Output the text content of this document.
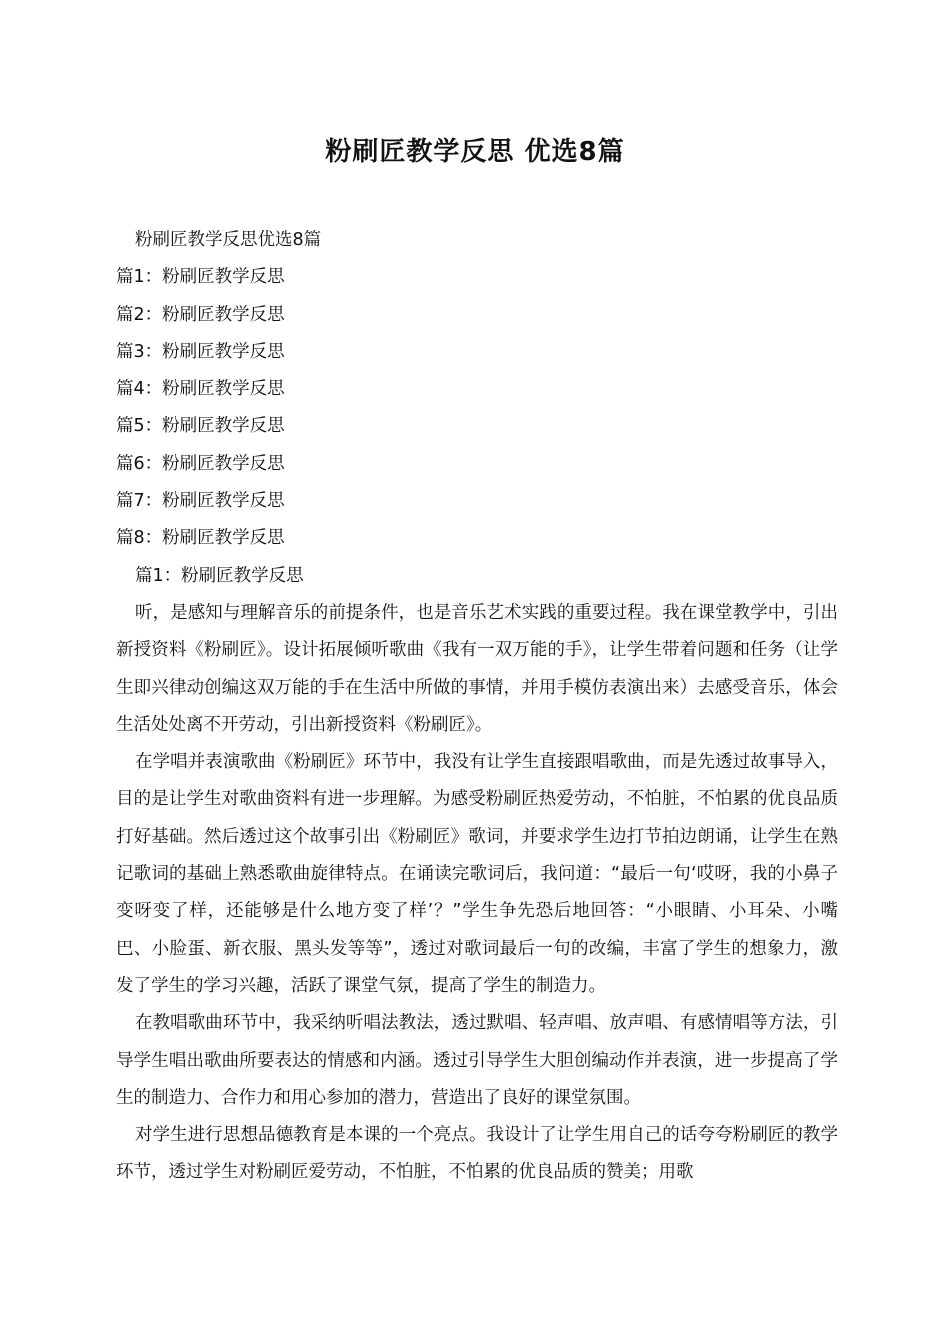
粉刷匠教学反思 优选8篇

粉刷匠教学反思优选8篇

篇1：粉刷匠教学反思

篇2：粉刷匠教学反思

篇3：粉刷匠教学反思

篇4：粉刷匠教学反思

篇5：粉刷匠教学反思

篇6：粉刷匠教学反思

篇7：粉刷匠教学反思

篇8：粉刷匠教学反思

篇1：粉刷匠教学反思

听，是感知与理解音乐的前提条件，也是音乐艺术实践的重要过程。我在课堂教学中，引出新授资料《粉刷匠》。设计拓展倾听歌曲《我有一双万能的手》，让学生带着问题和任务（让学生即兴律动创编这双万能的手在生活中所做的事情，并用手模仿表演出来）去感受音乐，体会生活处处离不开劳动，引出新授资料《粉刷匠》。

在学唱并表演歌曲《粉刷匠》环节中，我没有让学生直接跟唱歌曲，而是先透过故事导入，目的是让学生对歌曲资料有进一步理解。为感受粉刷匠热爱劳动，不怕脏，不怕累的优良品质打好基础。然后透过这个故事引出《粉刷匠》歌词，并要求学生边打节拍边朗诵，让学生在熟记歌词的基础上熟悉歌曲旋律特点。在诵读完歌词后，我问道：“最后一句‘哎呀，我的小鼻子变呀变了样，还能够是什么地方变了样’？”学生争先恐后地回答：“小眼睛、小耳朵、小嘴巴、小脸蛋、新衣服、黑头发等等”，透过对歌词最后一句的改编，丰富了学生的想象力，激发了学生的学习兴趣，活跃了课堂气氛，提高了学生的制造力。

在教唱歌曲环节中，我采纳听唱法教法，透过默唱、轻声唱、放声唱、有感情唱等方法，引导学生唱出歌曲所要表达的情感和内涵。透过引导学生大胆创编动作并表演，进一步提高了学生的制造力、合作力和用心参加的潜力，营造出了良好的课堂氛围。

对学生进行思想品德教育是本课的一个亮点。我设计了让学生用自己的话夸夸粉刷匠的教学环节，透过学生对粉刷匠爱劳动，不怕脏，不怕累的优良品质的赞美；用歌
